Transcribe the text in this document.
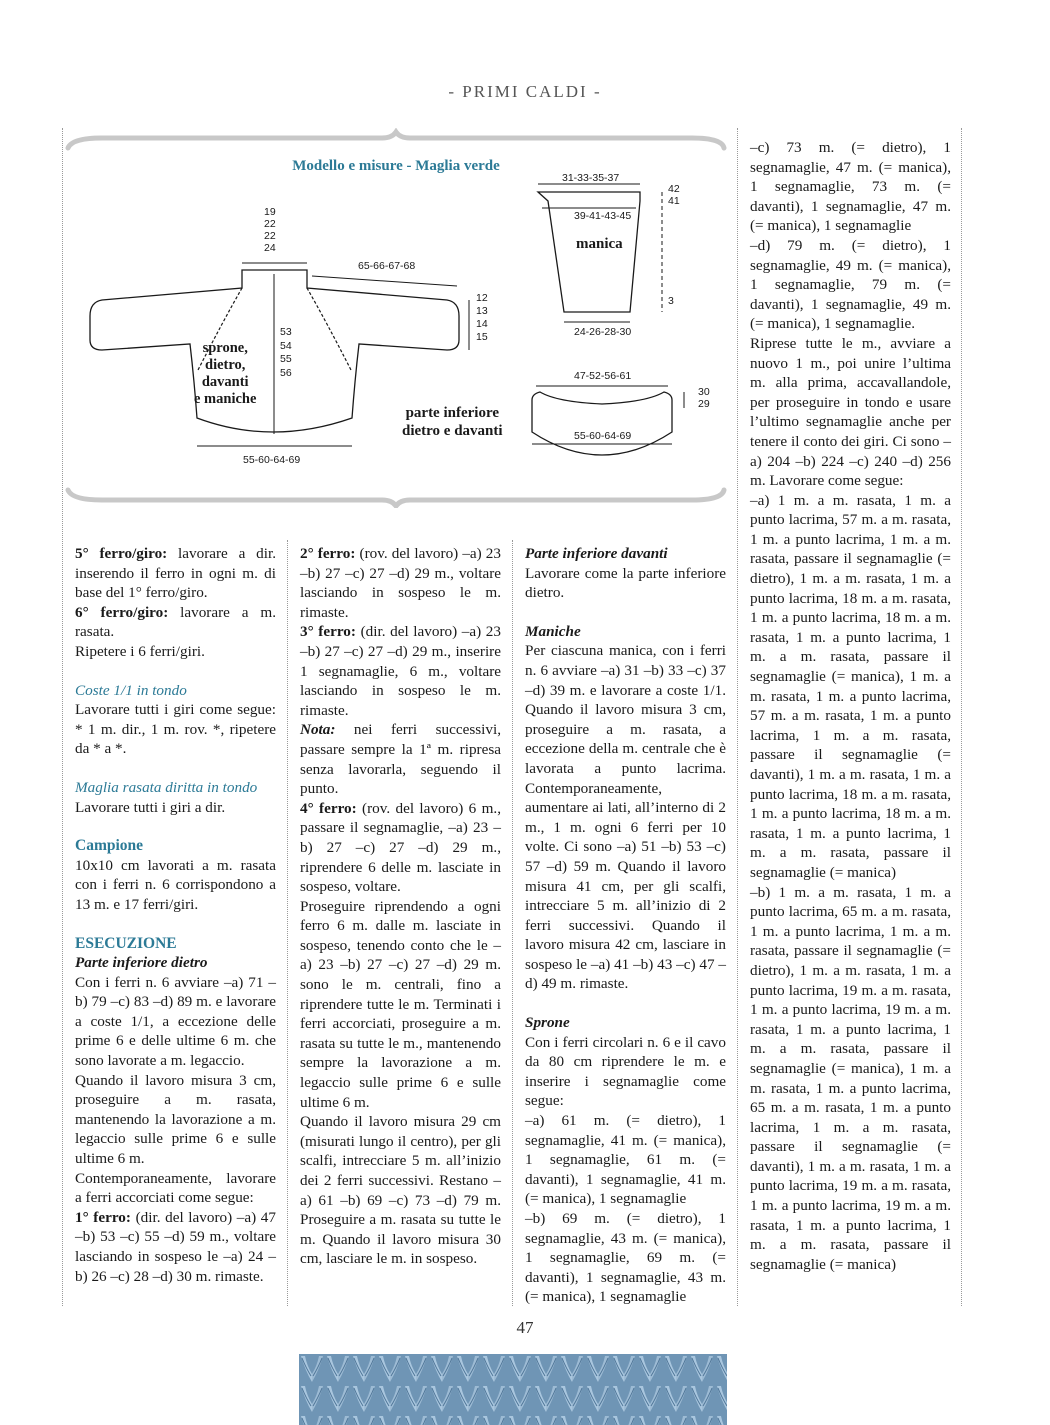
- PRIMI CALDI -
Modello e misure - Maglia verde
19
22
22
24
65-66-67-68
12
13
14
15
53
54
55
56
sprone,
dietro,
davanti
e maniche
55-60-64-69
31-33-35-37
42
41
39-41-43-45
manica
3
24-26-28-30
47-52-56-61
30
29
parte inferiore
dietro e davanti	55-60-64-69

5° ferro/giro: lavorare a dir. inserendo il ferro in ogni m. di base del 1° ferro/giro.

6° ferro/giro: lavorare a m. rasata.

Ripetere i 6 ferri/giri.

Coste 1/1 in tondo

Lavorare tutti i giri come segue: * 1 m. dir., 1 m. rov. *, ripetere da * a *.

Maglia rasata diritta in tondo

Lavorare tutti i giri a dir.

Campione

10x10 cm lavorati a m. rasata con i ferri n. 6 corrispondono a 13 m. e 17 ferri/giri.

ESECUZIONE

Parte inferiore dietro

Con i ferri n. 6 avviare –a) 71 –b) 79 –c) 83 –d) 89 m. e lavorare a coste 1/1, a eccezione delle prime 6 e delle ultime 6 m. che sono lavorate a m. legaccio.

Quando il lavoro misura 3 cm, proseguire a m. rasata, mantenendo la lavorazione a m. legaccio sulle prime 6 e sulle ultime 6 m.

Contemporaneamente, lavorare a ferri accorciati come segue:

1° ferro: (dir. del lavoro) –a) 47 –b) 53 –c) 55 –d) 59 m., voltare lasciando in sospeso le –a) 24 –b) 26 –c) 28 –d) 30 m. rimaste.

2° ferro: (rov. del lavoro) –a) 23 –b) 27 –c) 27 –d) 29 m., voltare lasciando in sospeso le m. rimaste.

3° ferro: (dir. del lavoro) –a) 23 –b) 27 –c) 27 –d) 29 m., inserire 1 segnamaglie, 6 m., voltare lasciando in sospeso le m. rimaste.

Nota: nei ferri successivi, passare sempre la 1ª m. ripresa senza lavorarla, seguendo il punto.

4° ferro: (rov. del lavoro) 6 m., passare il segnamaglie, –a) 23 –b) 27 –c) 27 –d) 29 m., riprendere 6 delle m. lasciate in sospeso, voltare.

Proseguire riprendendo a ogni ferro 6 m. dalle m. lasciate in sospeso, tenendo conto che le –a) 23 –b) 27 –c) 27 –d) 29 m. sono le m. centrali, fino a riprendere tutte le m. Terminati i ferri accorciati, proseguire a m. rasata su tutte le m., mantenendo sempre la lavorazione a m. legaccio sulle prime 6 e sulle ultime 6 m.

Quando il lavoro misura 29 cm (misurati lungo il centro), per gli scalfi, intrecciare 5 m. all’inizio dei 2 ferri successivi. Restano –a) 61 –b) 69 –c) 73 –d) 79 m. Proseguire a m. rasata su tutte le m. Quando il lavoro misura 30 cm, lasciare le m. in sospeso.

Parte inferiore davanti

Lavorare come la parte inferiore dietro.

Maniche

Per ciascuna manica, con i ferri n. 6 avviare –a) 31 –b) 33 –c) 37 –d) 39 m. e lavorare a coste 1/1. Quando il lavoro misura 3 cm, proseguire a m. rasata, a eccezione della m. centrale che è lavorata a punto lacrima. Contemporaneamente, aumentare ai lati, all’interno di 2 m., 1 m. ogni 6 ferri per 10 volte. Ci sono –a) 51 –b) 53 –c) 57 –d) 59 m. Quando il lavoro misura 41 cm, per gli scalfi, intrecciare 5 m. all’inizio di 2 ferri successivi. Quando il lavoro misura 42 cm, lasciare in sospeso le –a) 41 –b) 43 –c) 47 –d) 49 m. rimaste.

Sprone

Con i ferri circolari n. 6 e il cavo da 80 cm riprendere le m. e inserire i segnamaglie come segue:

–a) 61 m. (= dietro), 1 segnamaglie, 41 m. (= manica), 1 segnamaglie, 61 m. (= davanti), 1 segnamaglie, 41 m. (= manica), 1 segnamaglie

–b) 69 m. (= dietro), 1 segnamaglie, 43 m. (= manica), 1 segnamaglie, 69 m. (= davanti), 1 segnamaglie, 43 m. (= manica), 1 segnamaglie

–c) 73 m. (= dietro), 1 segnamaglie, 47 m. (= manica), 1 segnamaglie, 73 m. (= davanti), 1 segnamaglie, 47 m. (= manica), 1 segnamaglie

–d) 79 m. (= dietro), 1 segnamaglie, 49 m. (= manica), 1 segnamaglie, 79 m. (= davanti), 1 segnamaglie, 49 m. (= manica), 1 segnamaglie.

Riprese tutte le m., avviare a nuovo 1 m., poi unire l’ultima m. alla prima, accavallandole, per proseguire in tondo e usare l’ultimo segnamaglie anche per tenere il conto dei giri. Ci sono –a) 204 –b) 224 –c) 240 –d) 256 m. Lavorare come segue:

–a) 1 m. a m. rasata, 1 m. a punto lacrima, 57 m. a m. rasata, 1 m. a punto lacrima, 1 m. a m. rasata, passare il segnamaglie (= dietro), 1 m. a m. rasata, 1 m. a punto lacrima, 18 m. a m. rasata, 1 m. a punto lacrima, 18 m. a m. rasata, 1 m. a punto lacrima, 1 m. a m. rasata, passare il segnamaglie (= manica), 1 m. a m. rasata, 1 m. a punto lacrima, 57 m. a m. rasata, 1 m. a punto lacrima, 1 m. a m. rasata, passare il segnamaglie (= davanti), 1 m. a m. rasata, 1 m. a punto lacrima, 18 m. a m. rasata, 1 m. a punto lacrima, 18 m. a m. rasata, 1 m. a punto lacrima, 1 m. a m. rasata, passare il segnamaglie (= manica)

–b) 1 m. a m. rasata, 1 m. a punto lacrima, 65 m. a m. rasata, 1 m. a punto lacrima, 1 m. a m. rasata, passare il segnamaglie (= dietro), 1 m. a m. rasata, 1 m. a punto lacrima, 19 m. a m. rasata, 1 m. a punto lacrima, 19 m. a m. rasata, 1 m. a punto lacrima, 1 m. a m. rasata, passare il segnamaglie (= manica), 1 m. a m. rasata, 1 m. a punto lacrima, 65 m. a m. rasata, 1 m. a punto lacrima, 1 m. a m. rasata, passare il segnamaglie (= davanti), 1 m. a m. rasata, 1 m. a punto lacrima, 19 m. a m. rasata, 1 m. a punto lacrima, 19 m. a m. rasata, 1 m. a punto lacrima, 1 m. a m. rasata, passare il segnamaglie (= manica)

47
